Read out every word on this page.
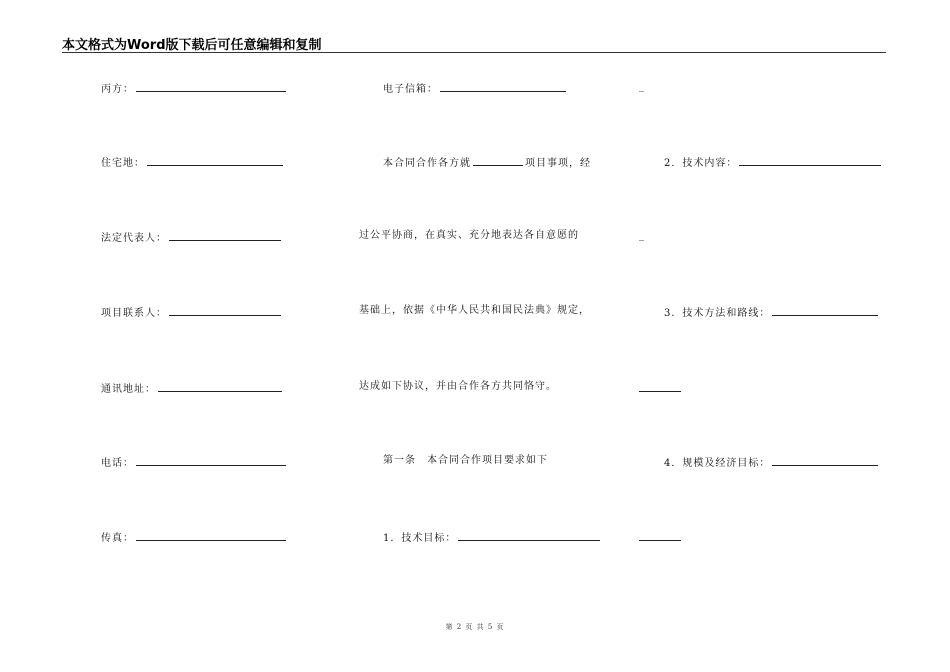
本文格式为Word版下载后可任意编辑和复制
丙方：
住宅地：
法定代表人：
项目联系人：
通讯地址：
电话：
传真：
电子信箱：
本合同合作各方就	项目事项，经
过公平协商，在真实、充分地表达各自意愿的
基础上，依据《中华人民共和国民法典》规定，
达成如下协议，并由合作各方共同恪守。
第一条　本合同合作项目要求如下
1．技术目标：
_
2．技术内容：
_
3．技术方法和路线：
4．规模及经济目标：
第 2 页 共 5 页
